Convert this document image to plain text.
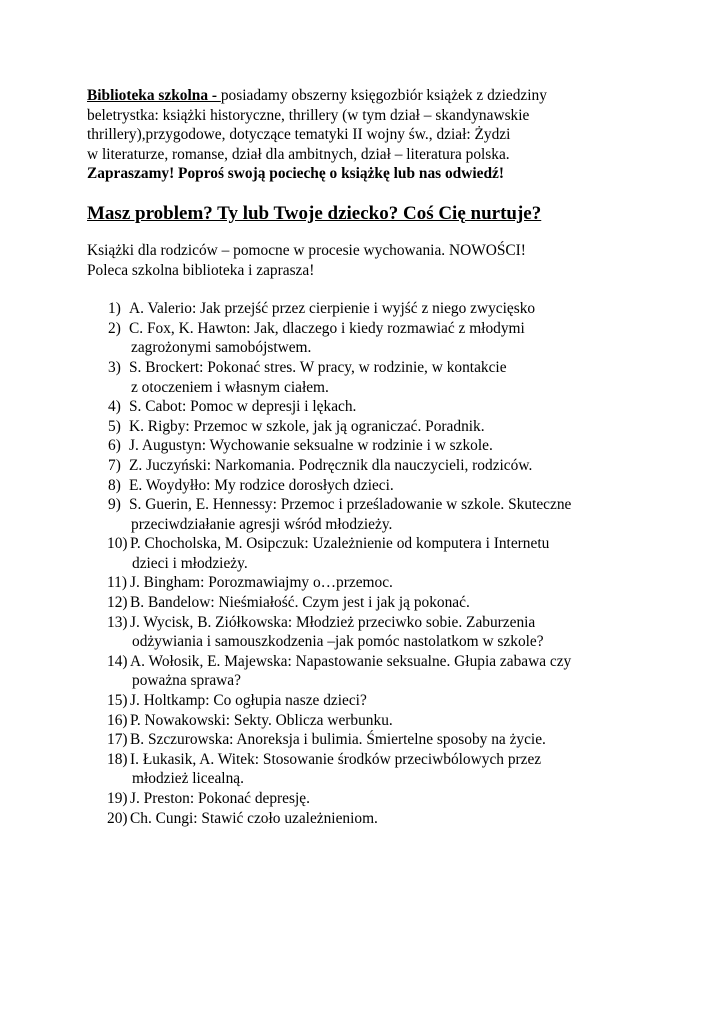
Biblioteka szkolna - posiadamy obszerny księgozbiór książek z dziedziny
beletrystka: książki historyczne, thrillery (w tym dział – skandynawskie
thrillery),przygodowe, dotyczące tematyki II wojny św., dział: Żydzi
w literaturze, romanse, dział dla ambitnych, dział – literatura polska.
Zapraszamy! Poproś swoją pociechę o książkę lub nas odwiedź!

Masz problem? Ty lub Twoje dziecko? Coś Cię nurtuje?

Książki dla rodziców – pomocne w procesie wychowania. NOWOŚCI!
Poleca szkolna biblioteka i zaprasza!

1) A. Valerio: Jak przejść przez cierpienie i wyjść z niego zwycięsko
2) C. Fox, K. Hawton: Jak, dlaczego i kiedy rozmawiać z młodymi
zagrożonymi samobójstwem.
3) S. Brockert: Pokonać stres. W pracy, w rodzinie, w kontakcie
z otoczeniem i własnym ciałem.
4) S. Cabot: Pomoc w depresji i lękach.
5) K. Rigby: Przemoc w szkole, jak ją ograniczać. Poradnik.
6) J. Augustyn: Wychowanie seksualne w rodzinie i w szkole.
7) Z. Juczyński: Narkomania. Podręcznik dla nauczycieli, rodziców.
8) E. Woydyłło: My rodzice dorosłych dzieci.
9) S. Guerin, E. Hennessy: Przemoc i prześladowanie w szkole. Skuteczne
przeciwdziałanie agresji wśród młodzieży.
10) P. Chocholska, M. Osipczuk: Uzależnienie od komputera i Internetu
dzieci i młodzieży.
11) J. Bingham: Porozmawiajmy o…przemoc.
12) B. Bandelow: Nieśmiałość. Czym jest i jak ją pokonać.
13) J. Wycisk, B. Ziółkowska: Młodzież przeciwko sobie. Zaburzenia
odżywiania i samouszkodzenia –jak pomóc nastolatkom w szkole?
14) A. Wołosik, E. Majewska: Napastowanie seksualne. Głupia zabawa czy
poważna sprawa?
15) J. Holtkamp: Co ogłupia nasze dzieci?
16) P. Nowakowski: Sekty. Oblicza werbunku.
17) B. Szczurowska: Anoreksja i bulimia. Śmiertelne sposoby na życie.
18) I. Łukasik, A. Witek: Stosowanie środków przeciwbólowych przez
młodzież licealną.
19) J. Preston: Pokonać depresję.
20) Ch. Cungi: Stawić czoło uzależnieniom.
